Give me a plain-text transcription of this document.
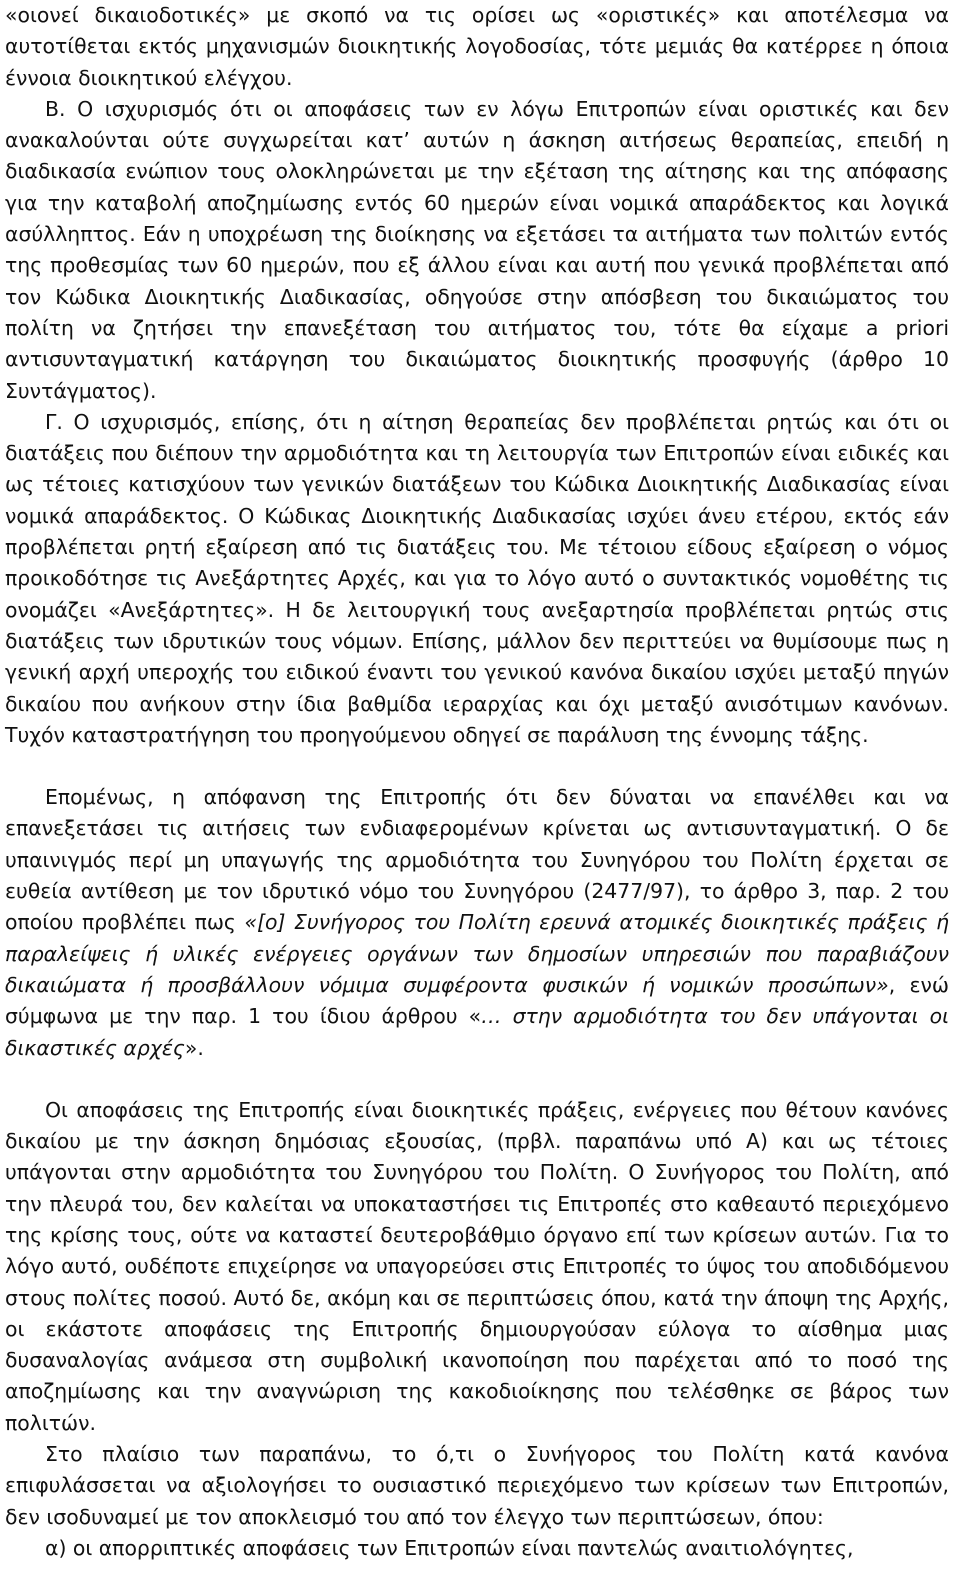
«οιονεί δικαιοδοτικές» με σκοπό να τις ορίσει ως «οριστικές» και αποτέλεσμα να αυτοτίθεται εκτός μηχανισμών διοικητικής λογοδοσίας, τότε μεμιάς θα κατέρρεε η όποια έννοια διοικητικού ελέγχου.

Β. Ο ισχυρισμός ότι οι αποφάσεις των εν λόγω Επιτροπών είναι οριστικές και δεν ανακαλούνται ούτε συγχωρείται κατ’ αυτών η άσκηση αιτήσεως θεραπείας, επειδή η διαδικασία ενώπιον τους ολοκληρώνεται με την εξέταση της αίτησης και της απόφασης για την καταβολή αποζημίωσης εντός 60 ημερών είναι νομικά απαράδεκτος και λογικά ασύλληπτος. Εάν η υποχρέωση της διοίκησης να εξετάσει τα αιτήματα των πολιτών εντός της προθεσμίας των 60 ημερών, που εξ άλλου είναι και αυτή που γενικά προβλέπεται από τον Κώδικα Διοικητικής Διαδικασίας, οδηγούσε στην απόσβεση του δικαιώματος του πολίτη να ζητήσει την επανεξέταση του αιτήματος του, τότε θα είχαμε a priori αντισυνταγματική κατάργηση του δικαιώματος διοικητικής προσφυγής (άρθρο 10 Συντάγματος).

Γ. Ο ισχυρισμός, επίσης, ότι η αίτηση θεραπείας δεν προβλέπεται ρητώς και ότι οι διατάξεις που διέπουν την αρμοδιότητα και τη λειτουργία των Επιτροπών είναι ειδικές και ως τέτοιες κατισχύουν των γενικών διατάξεων του Κώδικα Διοικητικής Διαδικασίας είναι νομικά απαράδεκτος. Ο Κώδικας Διοικητικής Διαδικασίας ισχύει άνευ ετέρου, εκτός εάν προβλέπεται ρητή εξαίρεση από τις διατάξεις του. Με τέτοιου είδους εξαίρεση ο νόμος προικοδότησε τις Ανεξάρτητες Αρχές, και για το λόγο αυτό ο συντακτικός νομοθέτης τις ονομάζει «Ανεξάρτητες». Η δε λειτουργική τους ανεξαρτησία προβλέπεται ρητώς στις διατάξεις των ιδρυτικών τους νόμων. Επίσης, μάλλον δεν περιττεύει να θυμίσουμε πως η γενική αρχή υπεροχής του ειδικού έναντι του γενικού κανόνα δικαίου ισχύει μεταξύ πηγών δικαίου που ανήκουν στην ίδια βαθμίδα ιεραρχίας και όχι μεταξύ ανισότιμων κανόνων. Τυχόν καταστρατήγηση του προηγούμενου οδηγεί σε παράλυση της έννομης τάξης.

Επομένως, η απόφανση της Επιτροπής ότι δεν δύναται να επανέλθει και να επανεξετάσει τις αιτήσεις των ενδιαφερομένων κρίνεται ως αντισυνταγματική. Ο δε υπαινιγμός περί μη υπαγωγής της αρμοδιότητα του Συνηγόρου του Πολίτη έρχεται σε ευθεία αντίθεση με τον ιδρυτικό νόμο του Συνηγόρου (2477/97), το άρθρο 3, παρ. 2 του οποίου προβλέπει πως «[ο] Συνήγορος του Πολίτη ερευνά ατομικές διοικητικές πράξεις ή παραλείψεις ή υλικές ενέργειες οργάνων των δημοσίων υπηρεσιών που παραβιάζουν δικαιώματα ή προσβάλλουν νόμιμα συμφέροντα φυσικών ή νομικών προσώπων», ενώ σύμφωνα με την παρ. 1 του ίδιου άρθρου «… στην αρμοδιότητα του δεν υπάγονται οι δικαστικές αρχές».

Οι αποφάσεις της Επιτροπής είναι διοικητικές πράξεις, ενέργειες που θέτουν κανόνες δικαίου με την άσκηση δημόσιας εξουσίας, (πρβλ. παραπάνω υπό Α) και ως τέτοιες υπάγονται στην αρμοδιότητα του Συνηγόρου του Πολίτη. Ο Συνήγορος του Πολίτη, από την πλευρά του, δεν καλείται να υποκαταστήσει τις Επιτροπές στο καθεαυτό περιεχόμενο της κρίσης τους, ούτε να καταστεί δευτεροβάθμιο όργανο επί των κρίσεων αυτών. Για το λόγο αυτό, ουδέποτε επιχείρησε να υπαγορεύσει στις Επιτροπές το ύψος του αποδιδόμενου στους πολίτες ποσού. Αυτό δε, ακόμη και σε περιπτώσεις όπου, κατά την άποψη της Αρχής, οι εκάστοτε αποφάσεις της Επιτροπής δημιουργούσαν εύλογα το αίσθημα μιας δυσαναλογίας ανάμεσα στη συμβολική ικανοποίηση που παρέχεται από το ποσό της αποζημίωσης και την αναγνώριση της κακοδιοίκησης που τελέσθηκε σε βάρος των πολιτών.

Στο πλαίσιο των παραπάνω, το ό,τι ο Συνήγορος του Πολίτη κατά κανόνα επιφυλάσσεται να αξιολογήσει το ουσιαστικό περιεχόμενο των κρίσεων των Επιτροπών, δεν ισοδυναμεί με τον αποκλεισμό του από τον έλεγχο των περιπτώσεων, όπου:

α) οι απορριπτικές αποφάσεις των Επιτροπών είναι παντελώς αναιτιολόγητες,
